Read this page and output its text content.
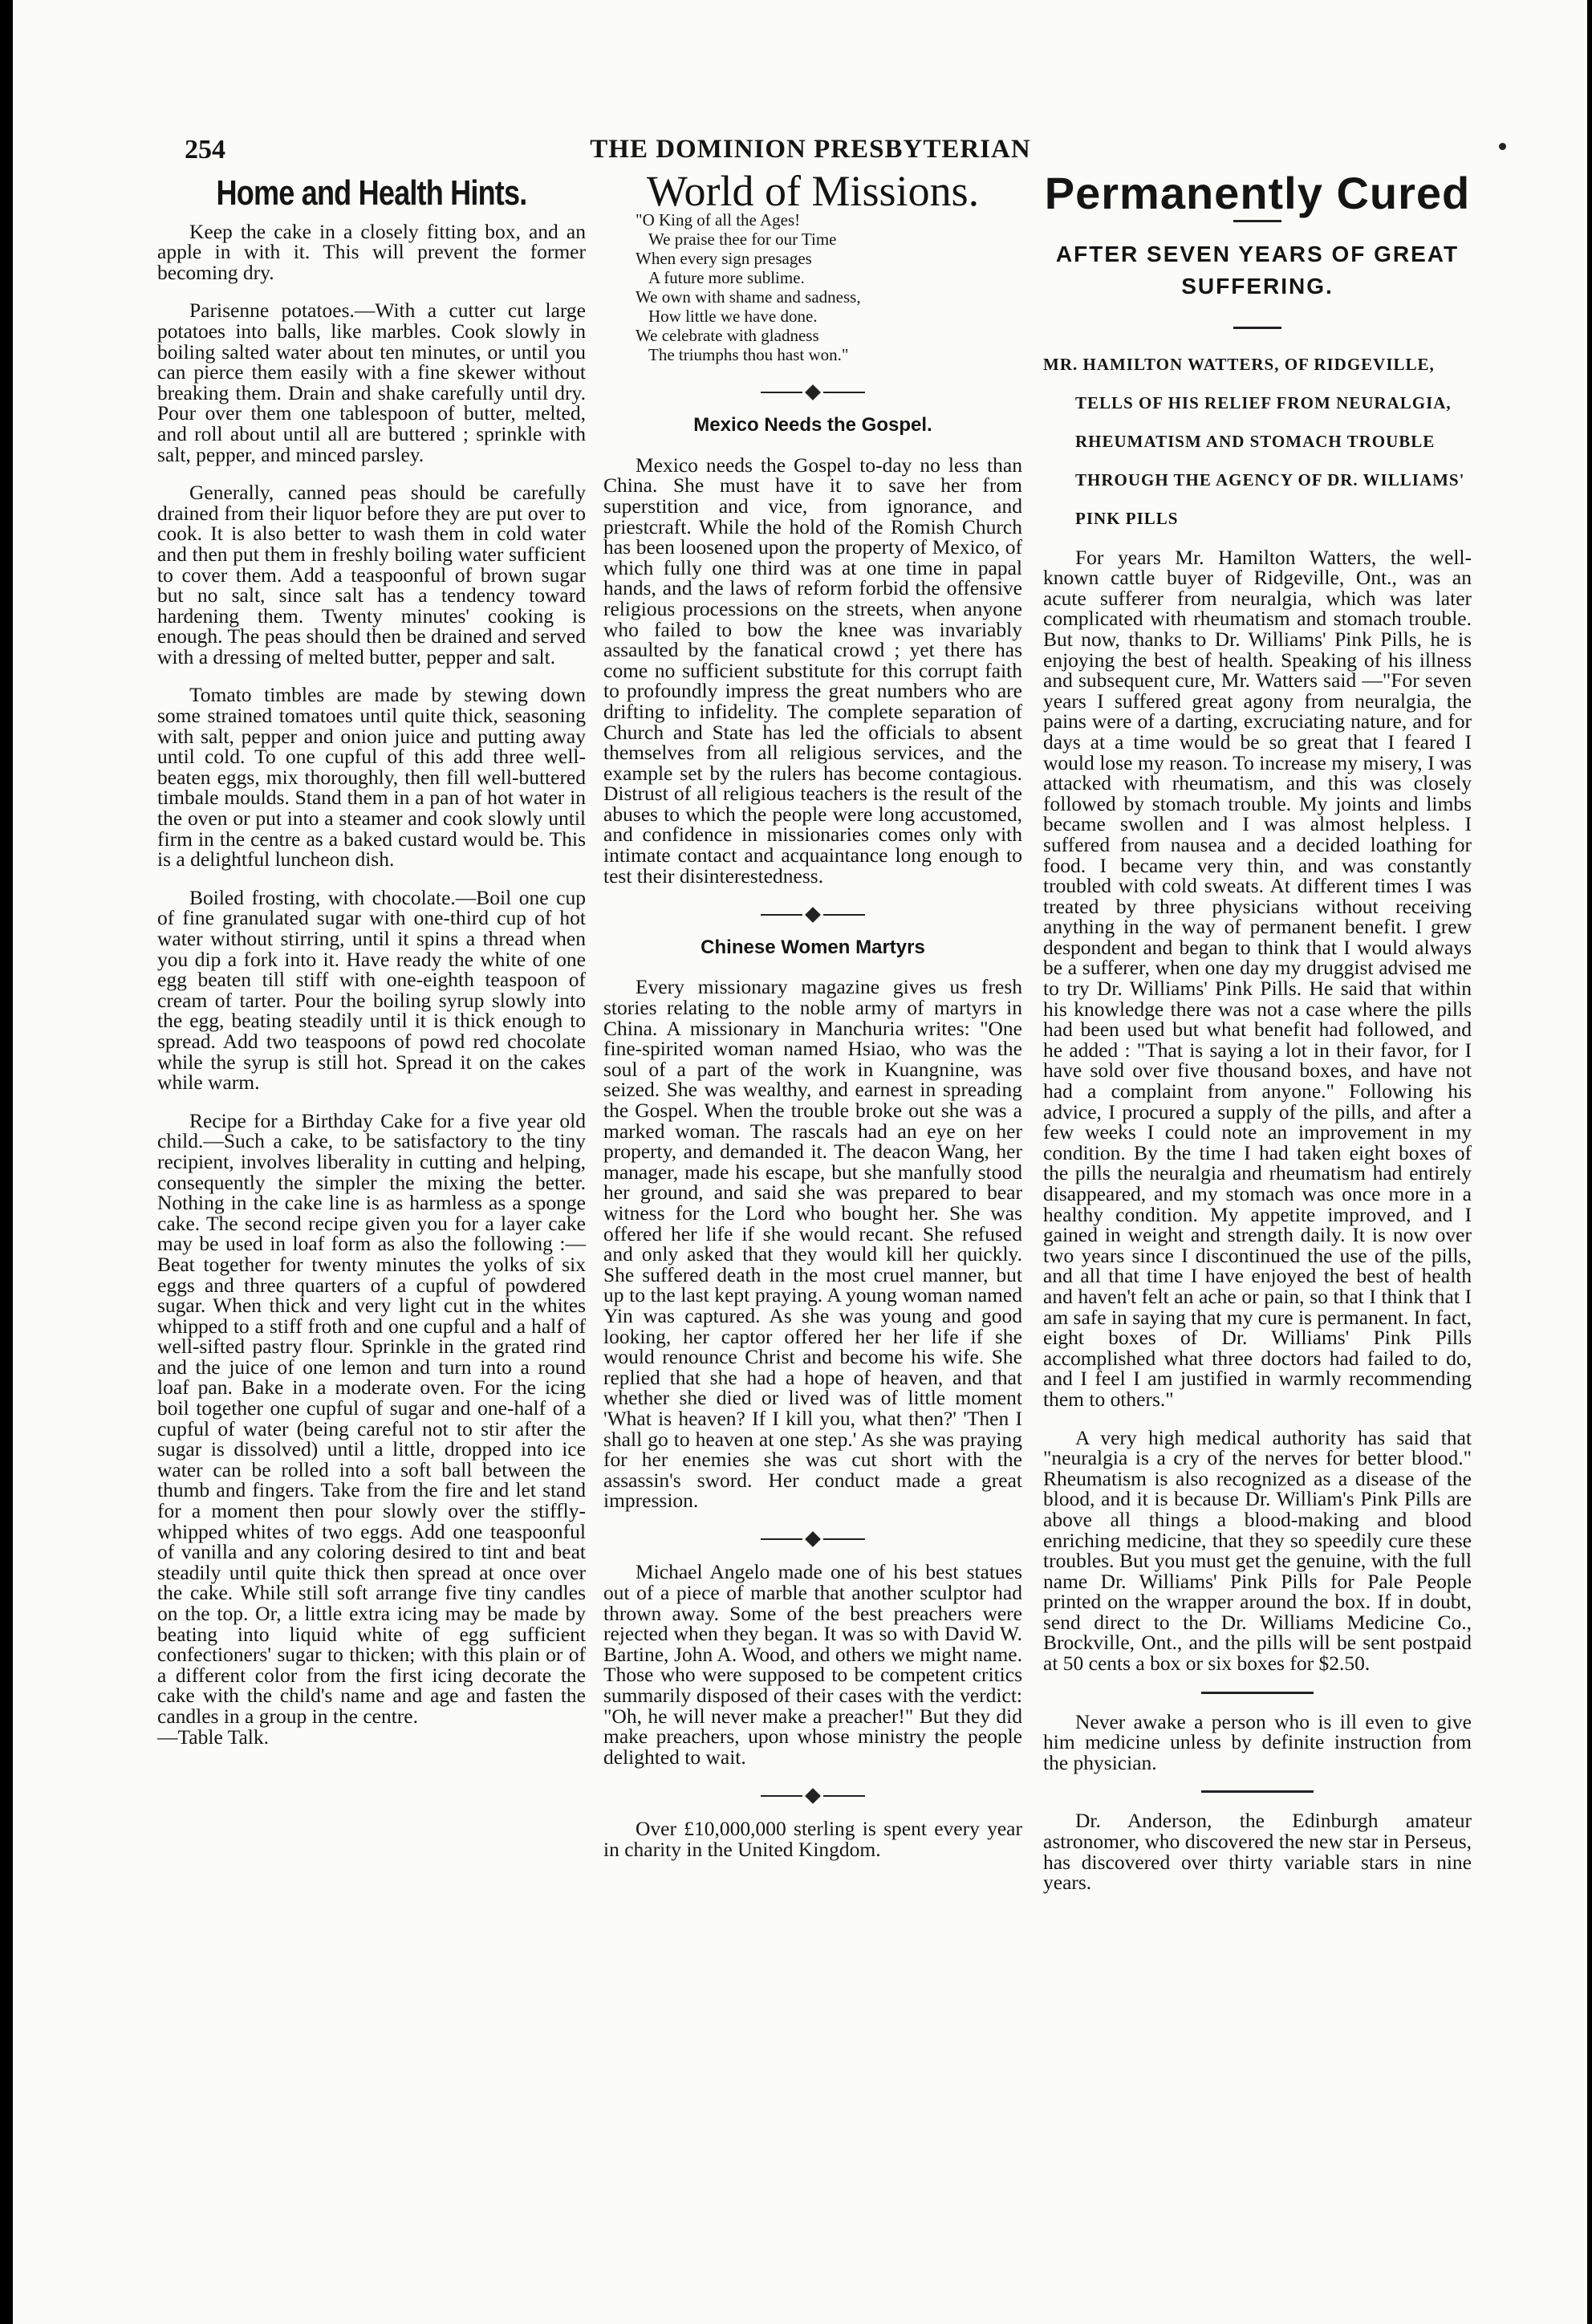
254	THE DOMINION PRESBYTERIAN
Home and Health Hints.

Keep the cake in a closely fitting box, and an apple in with it. This will prevent the former becoming dry.

Parisenne potatoes.—With a cutter cut large potatoes into balls, like marbles. Cook slowly in boiling salted water about ten minutes, or until you can pierce them easily with a fine skewer without breaking them. Drain and shake carefully until dry. Pour over them one tablespoon of butter, melted, and roll about until all are buttered ; sprinkle with salt, pepper, and minced parsley.

Generally, canned peas should be carefully drained from their liquor before they are put over to cook. It is also better to wash them in cold water and then put them in freshly boiling water sufficient to cover them. Add a teaspoonful of brown sugar but no salt, since salt has a tendency toward hardening them. Twenty minutes' cooking is enough. The peas should then be drained and served with a dressing of melted butter, pepper and salt.

Tomato timbles are made by stewing down some strained tomatoes until quite thick, seasoning with salt, pepper and onion juice and putting away until cold. To one cupful of this add three well-beaten eggs, mix thoroughly, then fill well-buttered timbale moulds. Stand them in a pan of hot water in the oven or put into a steamer and cook slowly until firm in the centre as a baked custard would be. This is a delightful luncheon dish.

Boiled frosting, with chocolate.—Boil one cup of fine granulated sugar with one-third cup of hot water without stirring, until it spins a thread when you dip a fork into it. Have ready the white of one egg beaten till stiff with one-eighth teaspoon of cream of tarter. Pour the boiling syrup slowly into the egg, beating steadily until it is thick enough to spread. Add two teaspoons of powd red chocolate while the syrup is still hot. Spread it on the cakes while warm.

Recipe for a Birthday Cake for a five year old child.—Such a cake, to be satisfactory to the tiny recipient, involves liberality in cutting and helping, consequently the simpler the mixing the better. Nothing in the cake line is as harmless as a sponge cake. The second recipe given you for a layer cake may be used in loaf form as also the following :—Beat together for twenty minutes the yolks of six eggs and three quarters of a cupful of powdered sugar. When thick and very light cut in the whites whipped to a stiff froth and one cupful and a half of well-sifted pastry flour. Sprinkle in the grated rind and the juice of one lemon and turn into a round loaf pan. Bake in a moderate oven. For the icing boil together one cupful of sugar and one-half of a cupful of water (being careful not to stir after the sugar is dissolved) until a little, dropped into ice water can be rolled into a soft ball between the thumb and fingers. Take from the fire and let stand for a moment then pour slowly over the stiffly-whipped whites of two eggs. Add one teaspoonful of vanilla and any coloring desired to tint and beat steadily until quite thick then spread at once over the cake. While still soft arrange five tiny candles on the top. Or, a little extra icing may be made by beating into liquid white of egg sufficient confectioners' sugar to thicken; with this plain or of a different color from the first icing decorate the cake with the child's name and age and fasten the candles in a group in the centre.

—Table Talk.

World of Missions.
"O King of all the Ages!
We praise thee for our Time
When every sign presages
A future more sublime.
We own with shame and sadness,
How little we have done.
We celebrate with gladness
The triumphs thou hast won."
Mexico Needs the Gospel.

Mexico needs the Gospel to-day no less than China. She must have it to save her from superstition and vice, from ignorance, and priestcraft. While the hold of the Romish Church has been loosened upon the property of Mexico, of which fully one third was at one time in papal hands, and the laws of reform forbid the offensive religious processions on the streets, when anyone who failed to bow the knee was invariably assaulted by the fanatical crowd ; yet there has come no sufficient substitute for this corrupt faith to profoundly impress the great numbers who are drifting to infidelity. The complete separation of Church and State has led the officials to absent themselves from all religious services, and the example set by the rulers has become contagious. Distrust of all religious teachers is the result of the abuses to which the people were long accustomed, and confidence in missionaries comes only with intimate contact and acquaintance long enough to test their disinterestedness.

Chinese Women Martyrs

Every missionary magazine gives us fresh stories relating to the noble army of martyrs in China. A missionary in Manchuria writes: "One fine-spirited woman named Hsiao, who was the soul of a part of the work in Kuangnine, was seized. She was wealthy, and earnest in spreading the Gospel. When the trouble broke out she was a marked woman. The rascals had an eye on her property, and demanded it. The deacon Wang, her manager, made his escape, but she manfully stood her ground, and said she was prepared to bear witness for the Lord who bought her. She was offered her life if she would recant. She refused and only asked that they would kill her quickly. She suffered death in the most cruel manner, but up to the last kept praying. A young woman named Yin was captured. As she was young and good looking, her captor offered her her life if she would renounce Christ and become his wife. She replied that she had a hope of heaven, and that whether she died or lived was of little moment 'What is heaven? If I kill you, what then?' 'Then I shall go to heaven at one step.' As she was praying for her enemies she was cut short with the assassin's sword. Her conduct made a great impression.

Michael Angelo made one of his best statues out of a piece of marble that another sculptor had thrown away. Some of the best preachers were rejected when they began. It was so with David W. Bartine, John A. Wood, and others we might name. Those who were supposed to be competent critics summarily disposed of their cases with the verdict: "Oh, he will never make a preacher!" But they did make preachers, upon whose ministry the people delighted to wait.

Over £10,000,000 sterling is spent every year in charity in the United Kingdom.

Permanently Cured
AFTER SEVEN YEARS OF GREAT SUFFERING.
MR. HAMILTON WATTERS, OF RIDGEVILLE,
TELLS OF HIS RELIEF FROM NEURALGIA,
RHEUMATISM AND STOMACH TROUBLE
THROUGH THE AGENCY OF DR. WILLIAMS'
PINK PILLS

For years Mr. Hamilton Watters, the well-known cattle buyer of Ridgeville, Ont., was an acute sufferer from neuralgia, which was later complicated with rheumatism and stomach trouble. But now, thanks to Dr. Williams' Pink Pills, he is enjoying the best of health. Speaking of his illness and subsequent cure, Mr. Watters said —"For seven years I suffered great agony from neuralgia, the pains were of a darting, excruciating nature, and for days at a time would be so great that I feared I would lose my reason. To increase my misery, I was attacked with rheumatism, and this was closely followed by stomach trouble. My joints and limbs became swollen and I was almost helpless. I suffered from nausea and a decided loathing for food. I became very thin, and was constantly troubled with cold sweats. At different times I was treated by three physicians without receiving anything in the way of permanent benefit. I grew despondent and began to think that I would always be a sufferer, when one day my druggist advised me to try Dr. Williams' Pink Pills. He said that within his knowledge there was not a case where the pills had been used but what benefit had followed, and he added : "That is saying a lot in their favor, for I have sold over five thousand boxes, and have not had a complaint from anyone." Following his advice, I procured a supply of the pills, and after a few weeks I could note an improvement in my condition. By the time I had taken eight boxes of the pills the neuralgia and rheumatism had entirely disappeared, and my stomach was once more in a healthy condition. My appetite improved, and I gained in weight and strength daily. It is now over two years since I discontinued the use of the pills, and all that time I have enjoyed the best of health and haven't felt an ache or pain, so that I think that I am safe in saying that my cure is permanent. In fact, eight boxes of Dr. Williams' Pink Pills accomplished what three doctors had failed to do, and I feel I am justified in warmly recommending them to others."

A very high medical authority has said that "neuralgia is a cry of the nerves for better blood." Rheumatism is also recognized as a disease of the blood, and it is because Dr. William's Pink Pills are above all things a blood-making and blood enriching medicine, that they so speedily cure these troubles. But you must get the genuine, with the full name Dr. Williams' Pink Pills for Pale People printed on the wrapper around the box. If in doubt, send direct to the Dr. Williams Medicine Co., Brockville, Ont., and the pills will be sent postpaid at 50 cents a box or six boxes for $2.50.

Never awake a person who is ill even to give him medicine unless by definite instruction from the physician.

Dr. Anderson, the Edinburgh amateur astronomer, who discovered the new star in Perseus, has discovered over thirty variable stars in nine years.
